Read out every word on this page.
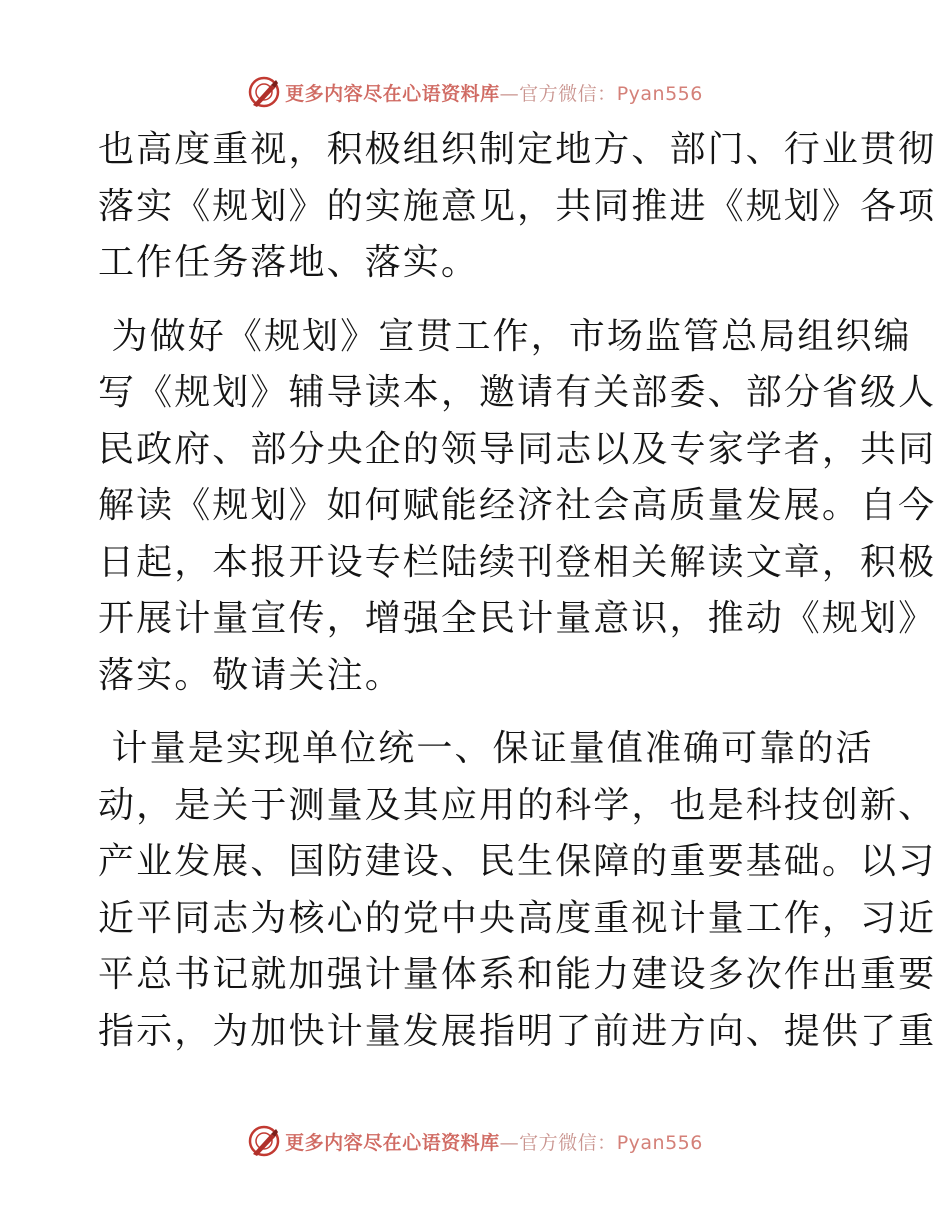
更多内容尽在心语资料库—官方微信：Pyan556
也高度重视，积极组织制定地方、部门、行业贯彻
落实《规划》的实施意见，共同推进《规划》各项
工作任务落地、落实。
为做好《规划》宣贯工作，市场监管总局组织编
写《规划》辅导读本，邀请有关部委、部分省级人
民政府、部分央企的领导同志以及专家学者，共同
解读《规划》如何赋能经济社会高质量发展。自今
日起，本报开设专栏陆续刊登相关解读文章，积极
开展计量宣传，增强全民计量意识，推动《规划》
落实。敬请关注。
计量是实现单位统一、保证量值准确可靠的活
动，是关于测量及其应用的科学，也是科技创新、
产业发展、国防建设、民生保障的重要基础。以习
近平同志为核心的党中央高度重视计量工作，习近
平总书记就加强计量体系和能力建设多次作出重要
指示，为加快计量发展指明了前进方向、提供了重
更多内容尽在心语资料库—官方微信：Pyan556
